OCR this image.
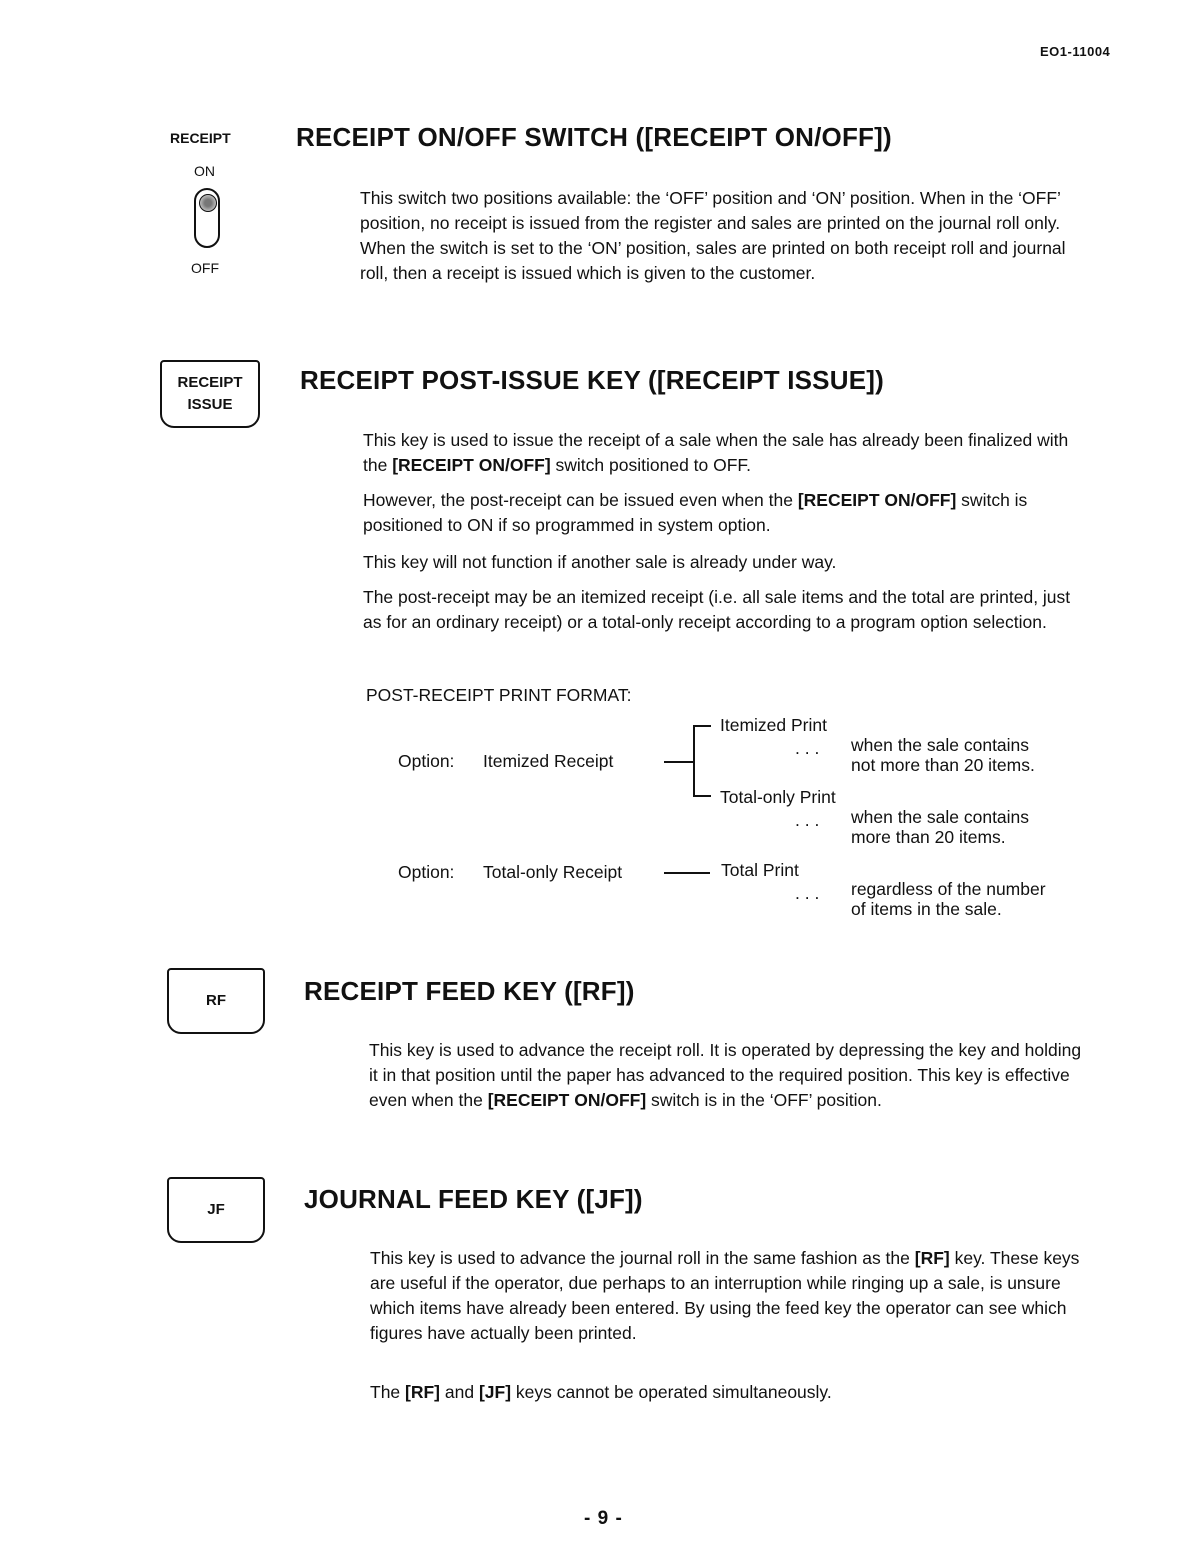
EO1-11004
RECEIPT
ON
OFF
RECEIPT ON/OFF SWITCH ([RECEIPT ON/OFF])

This switch two positions available: the ‘OFF’ position and ‘ON’ position. When in the ‘OFF’ position, no receipt is issued from the register and sales are printed on the journal roll only. When the switch is set to the ‘ON’ position, sales are printed on both receipt roll and journal roll, then a receipt is issued which is given to the customer.

RECEIPT
ISSUE
RECEIPT POST-ISSUE KEY ([RECEIPT ISSUE])

This key is used to issue the receipt of a sale when the sale has already been finalized with the [RECEIPT ON/OFF] switch positioned to OFF.

However, the post-receipt can be issued even when the [RECEIPT ON/OFF] switch is positioned to ON if so programmed in system option.

This key will not function if another sale is already under way.

The post-receipt may be an itemized receipt (i.e. all sale items and the total are printed, just as for an ordinary receipt) or a total-only receipt according to a program option selection.

POST-RECEIPT PRINT FORMAT:
Option: Itemized Receipt
Itemized Print
. . . when the sale contains
not more than 20 items.
Total-only Print
. . . when the sale contains
more than 20 items.
Option: Total-only Receipt	Total Print
. . . regardless of the number
of items in the sale.
RF	RECEIPT FEED KEY ([RF])

This key is used to advance the receipt roll. It is operated by depressing the key and holding it in that position until the paper has advanced to the required position. This key is effective even when the [RECEIPT ON/OFF] switch is in the ‘OFF’ position.

JF	JOURNAL FEED KEY ([JF])

This key is used to advance the journal roll in the same fashion as the [RF] key. These keys are useful if the operator, due perhaps to an interruption while ringing up a sale, is unsure which items have already been entered. By using the feed key the operator can see which figures have actually been printed.

The [RF] and [JF] keys cannot be operated simultaneously.

- 9 -
